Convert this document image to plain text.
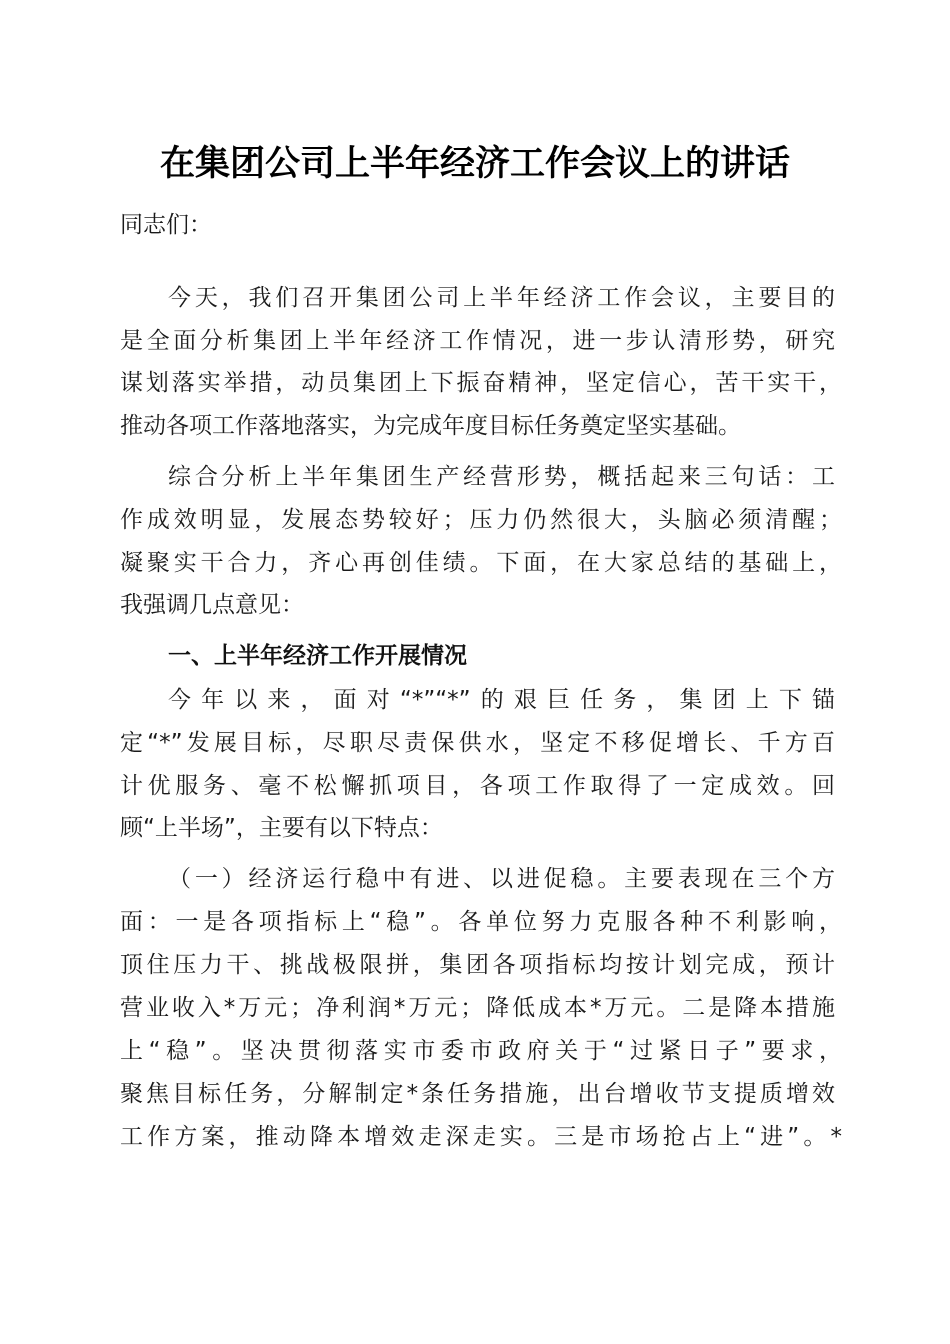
在集团公司上半年经济工作会议上的讲话
同志们：
今天，我们召开集团公司上半年经济工作会议，主要目的
是全面分析集团上半年经济工作情况，进一步认清形势，研究
谋划落实举措，动员集团上下振奋精神，坚定信心，苦干实干，
推动各项工作落地落实，为完成年度目标任务奠定坚实基础。
综合分析上半年集团生产经营形势，概括起来三句话：工
作成效明显，发展态势较好；压力仍然很大，头脑必须清醒；
凝聚实干合力，齐心再创佳绩。下面，在大家总结的基础上，
我强调几点意见：
一、上半年经济工作开展情况
今年以来，面对“*”“*”的艰巨任务，集团上下锚
定“*”发展目标，尽职尽责保供水，坚定不移促增长、千方百
计优服务、毫不松懈抓项目，各项工作取得了一定成效。回
顾“上半场”，主要有以下特点：
（一）经济运行稳中有进、以进促稳。主要表现在三个方
面：一是各项指标上“稳”。各单位努力克服各种不利影响，
顶住压力干、挑战极限拼，集团各项指标均按计划完成，预计
营业收入*万元；净利润*万元；降低成本*万元。二是降本措施
上“稳”。坚决贯彻落实市委市政府关于“过紧日子”要求，
聚焦目标任务，分解制定*条任务措施，出台增收节支提质增效
工作方案，推动降本增效走深走实。三是市场抢占上“进”。*
